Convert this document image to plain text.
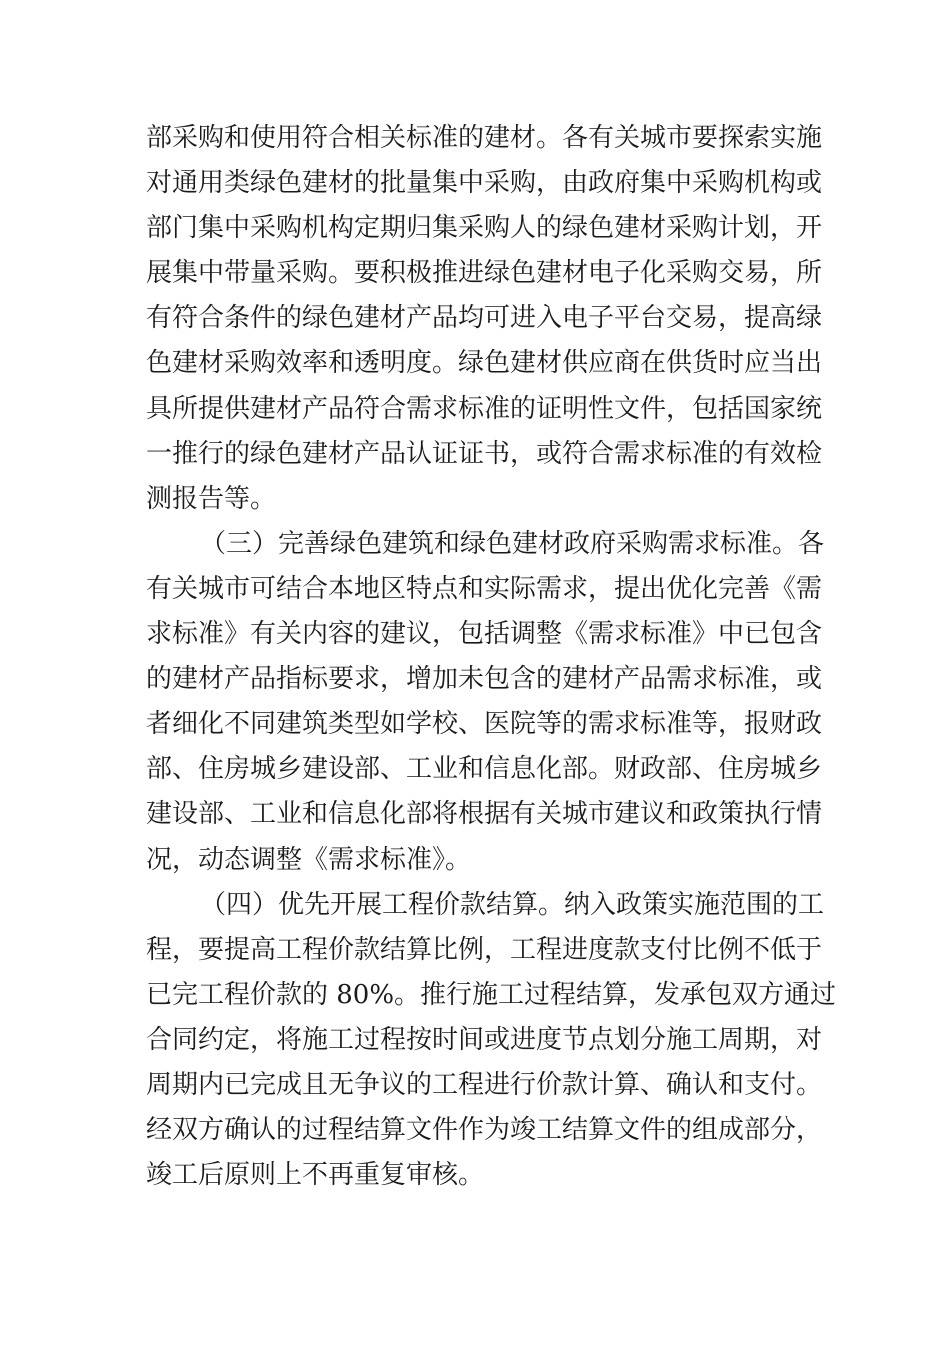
部采购和使用符合相关标准的建材。各有关城市要探索实施
对通用类绿色建材的批量集中采购，由政府集中采购机构或
部门集中采购机构定期归集采购人的绿色建材采购计划，开
展集中带量采购。要积极推进绿色建材电子化采购交易，所
有符合条件的绿色建材产品均可进入电子平台交易，提高绿
色建材采购效率和透明度。绿色建材供应商在供货时应当出
具所提供建材产品符合需求标准的证明性文件，包括国家统
一推行的绿色建材产品认证证书，或符合需求标准的有效检
测报告等。
（三）完善绿色建筑和绿色建材政府采购需求标准。各
有关城市可结合本地区特点和实际需求，提出优化完善《需
求标准》有关内容的建议，包括调整《需求标准》中已包含
的建材产品指标要求，增加未包含的建材产品需求标准，或
者细化不同建筑类型如学校、医院等的需求标准等，报财政
部、住房城乡建设部、工业和信息化部。财政部、住房城乡
建设部、工业和信息化部将根据有关城市建议和政策执行情
况，动态调整《需求标准》。
（四）优先开展工程价款结算。纳入政策实施范围的工
程，要提高工程价款结算比例，工程进度款支付比例不低于
已完工程价款的 80%。推行施工过程结算，发承包双方通过
合同约定，将施工过程按时间或进度节点划分施工周期，对
周期内已完成且无争议的工程进行价款计算、确认和支付。
经双方确认的过程结算文件作为竣工结算文件的组成部分，
竣工后原则上不再重复审核。
